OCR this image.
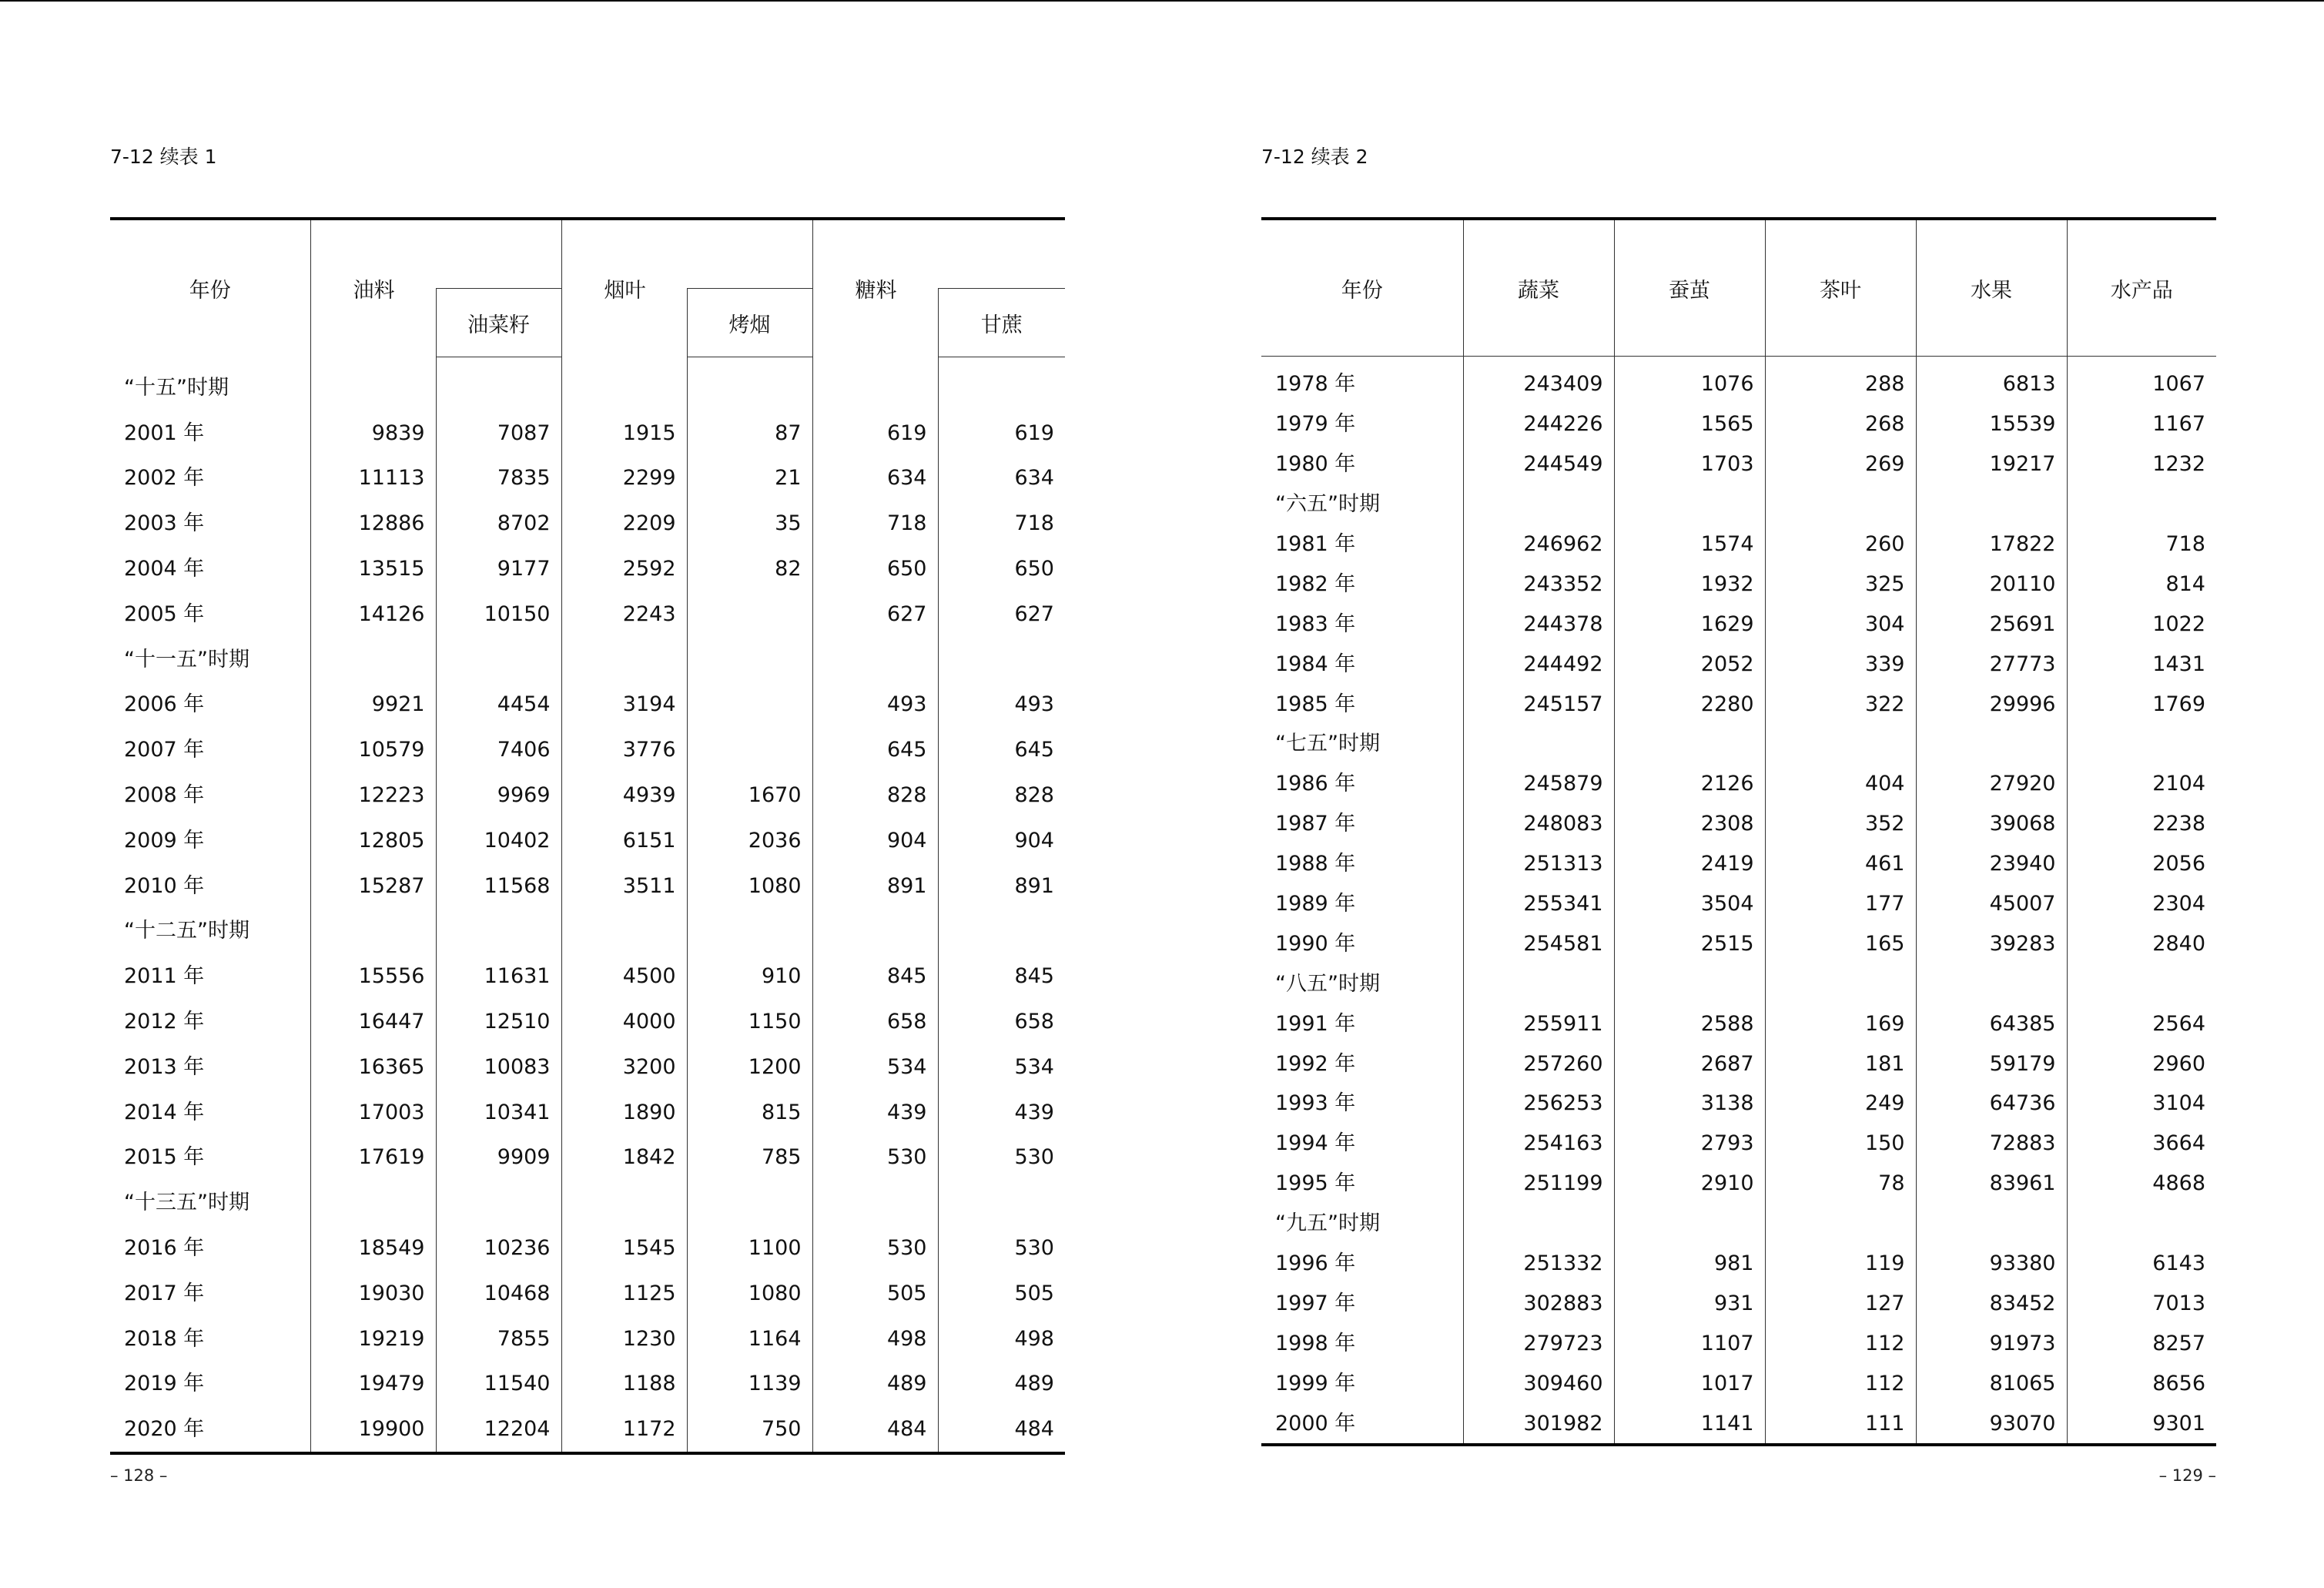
7-12 续表 1
年份	油料		烟叶		糖料	
		油菜籽		烤烟		甘蔗
“十五”时期						
2001 年	9839	7087	1915	87	619	619
2002 年	11113	7835	2299	21	634	634
2003 年	12886	8702	2209	35	718	718
2004 年	13515	9177	2592	82	650	650
2005 年	14126	10150	2243		627	627
“十一五”时期						
2006 年	9921	4454	3194		493	493
2007 年	10579	7406	3776		645	645
2008 年	12223	9969	4939	1670	828	828
2009 年	12805	10402	6151	2036	904	904
2010 年	15287	11568	3511	1080	891	891
“十二五”时期						
2011 年	15556	11631	4500	910	845	845
2012 年	16447	12510	4000	1150	658	658
2013 年	16365	10083	3200	1200	534	534
2014 年	17003	10341	1890	815	439	439
2015 年	17619	9909	1842	785	530	530
“十三五”时期						
2016 年	18549	10236	1545	1100	530	530
2017 年	19030	10468	1125	1080	505	505
2018 年	19219	7855	1230	1164	498	498
2019 年	19479	11540	1188	1139	489	489
2020 年	19900	12204	1172	750	484	484
– 128 –
7-12 续表 2
年份	蔬菜	蚕茧	茶叶	水果	水产品
1978 年	243409	1076	288	6813	1067
1979 年	244226	1565	268	15539	1167
1980 年	244549	1703	269	19217	1232
“六五”时期					
1981 年	246962	1574	260	17822	718
1982 年	243352	1932	325	20110	814
1983 年	244378	1629	304	25691	1022
1984 年	244492	2052	339	27773	1431
1985 年	245157	2280	322	29996	1769
“七五”时期					
1986 年	245879	2126	404	27920	2104
1987 年	248083	2308	352	39068	2238
1988 年	251313	2419	461	23940	2056
1989 年	255341	3504	177	45007	2304
1990 年	254581	2515	165	39283	2840
“八五”时期					
1991 年	255911	2588	169	64385	2564
1992 年	257260	2687	181	59179	2960
1993 年	256253	3138	249	64736	3104
1994 年	254163	2793	150	72883	3664
1995 年	251199	2910	78	83961	4868
“九五”时期					
1996 年	251332	981	119	93380	6143
1997 年	302883	931	127	83452	7013
1998 年	279723	1107	112	91973	8257
1999 年	309460	1017	112	81065	8656
2000 年	301982	1141	111	93070	9301
– 129 –
